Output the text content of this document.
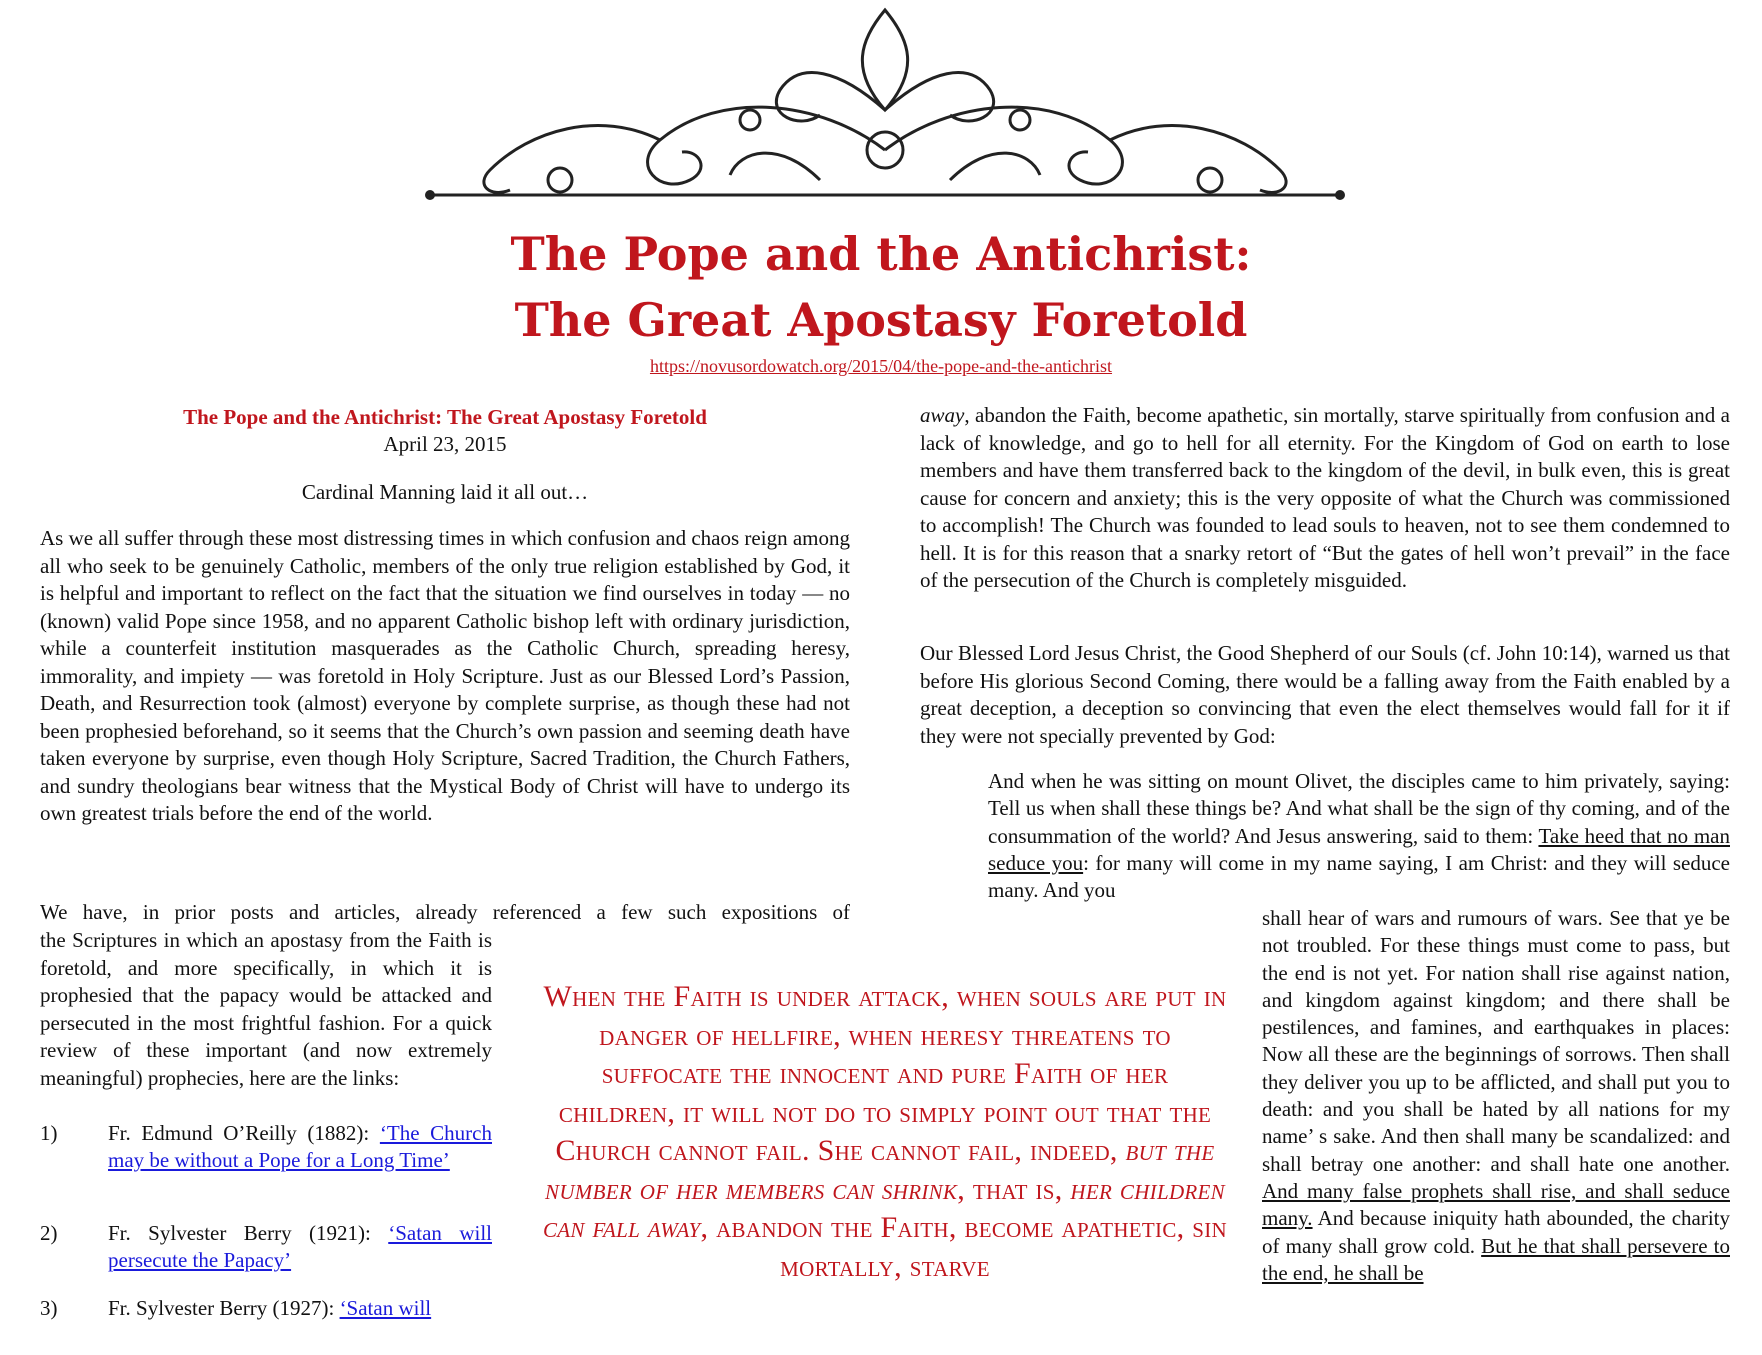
The Pope and the Antichrist:
The Great Apostasy Foretold
https://novusordowatch.org/2015/04/the-pope-and-the-antichrist
The Pope and the Antichrist: The Great Apostasy Foretold
April 23, 2015
Cardinal Manning laid it all out…

As we all suffer through these most distressing times in which confusion and chaos reign among all who seek to be genuinely Catholic, members of the only true religion established by God, it is helpful and important to reflect on the fact that the situation we find ourselves in today — no (known) valid Pope since 1958, and no apparent Catholic bishop left with ordinary jurisdiction, while a counterfeit institution masquerades as the Catholic Church, spreading heresy, immorality, and impiety — was foretold in Holy Scripture. Just as our Blessed Lord’s Passion, Death, and Resurrection took (almost) everyone by complete surprise, as though these had not been prophesied beforehand, so it seems that the Church’s own passion and seeming death have taken everyone by surprise, even though Holy Scripture, Sacred Tradition, the Church Fathers, and sundry theologians bear witness that the Mystical Body of Christ will have to undergo its own greatest trials before the end of the world.

We have, in prior posts and articles, already referenced a few such expositions of

the Scriptures in which an apostasy from the Faith is foretold, and more specifically, in which it is prophesied that the papacy would be attacked and persecuted in the most frightful fashion. For a quick review of these important (and now extremely meaningful) prophecies, here are the links:

1) Fr. Edmund O’Reilly (1882): ‘The Church may be without a Pope for a Long Time’
2) Fr. Sylvester Berry (1921): ‘Satan will persecute the Papacy’
3) Fr. Sylvester Berry (1927): ‘Satan will
When the Faith is under attack, when souls are put in danger of hellfire, when heresy threatens to suffocate the innocent and pure Faith of her children, it will not do to simply point out that the Church cannot fail. She cannot fail, indeed, but the number of her members can shrink, that is, her children can fall away, abandon the Faith, become apathetic, sin mortally, starve

away, abandon the Faith, become apathetic, sin mortally, starve spiritually from confusion and a lack of knowledge, and go to hell for all eternity. For the Kingdom of God on earth to lose members and have them transferred back to the kingdom of the devil, in bulk even, this is great cause for concern and anxiety; this is the very opposite of what the Church was commissioned to accomplish! The Church was founded to lead souls to heaven, not to see them condemned to hell. It is for this reason that a snarky retort of “But the gates of hell won’t prevail” in the face of the persecution of the Church is completely misguided.

Our Blessed Lord Jesus Christ, the Good Shepherd of our Souls (cf. John 10:14), warned us that before His glorious Second Coming, there would be a falling away from the Faith enabled by a great deception, a deception so convincing that even the elect themselves would fall for it if they were not specially prevented by God:

And when he was sitting on mount Olivet, the disciples came to him privately, saying: Tell us when shall these things be? And what shall be the sign of thy coming, and of the consummation of the world? And Jesus answering, said to them: Take heed that no man seduce you: for many will come in my name saying, I am Christ: and they will seduce many. And you

shall hear of wars and rumours of wars. See that ye be not troubled. For these things must come to pass, but the end is not yet. For nation shall rise against nation, and kingdom against kingdom; and there shall be pestilences, and famines, and earthquakes in places: Now all these are the beginnings of sorrows. Then shall they deliver you up to be afflicted, and shall put you to death: and you shall be hated by all nations for my name’ s sake. And then shall many be scandalized: and shall betray one another: and shall hate one another. And many false prophets shall rise, and shall seduce many. And because iniquity hath abounded, the charity of many shall grow cold. But he that shall persevere to the end, he shall be
